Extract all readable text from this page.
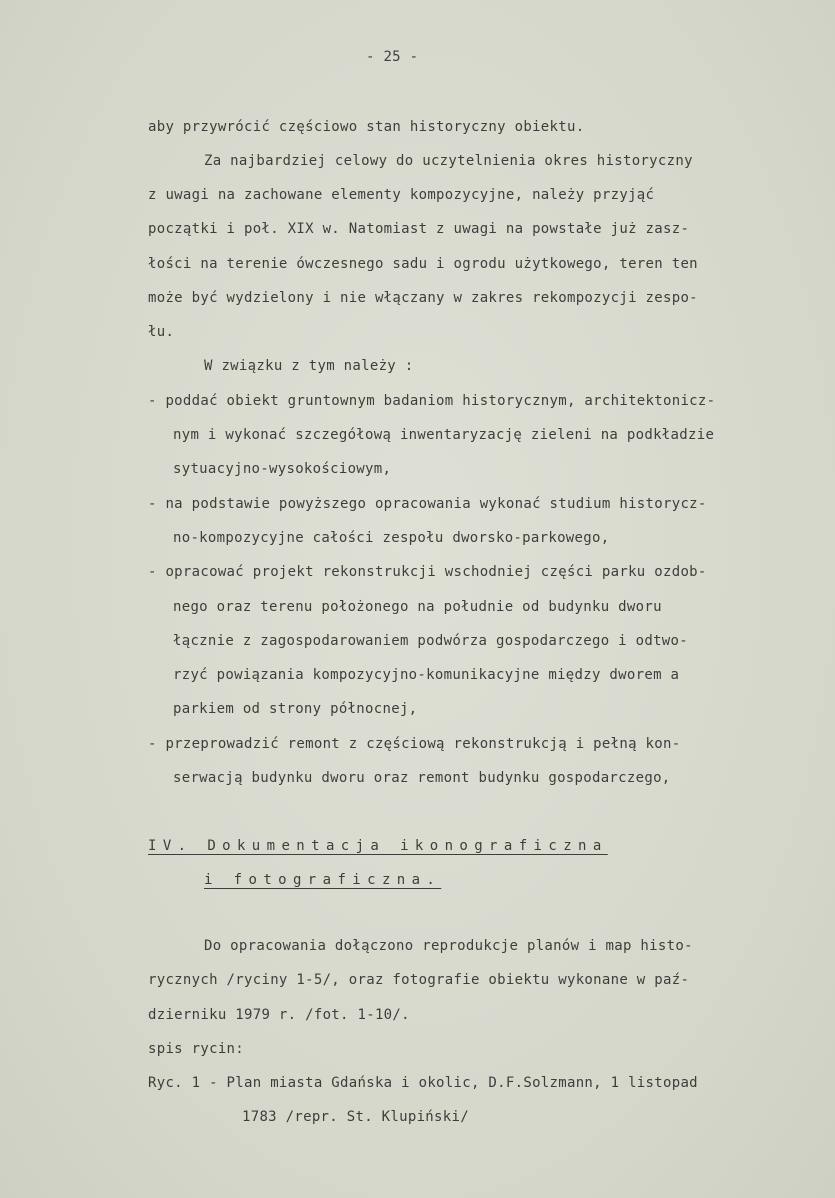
- 25 -
aby przywrócić częściowo stan historyczny obiektu.
Za najbardziej celowy do uczytelnienia okres historyczny
z uwagi na zachowane elementy kompozycyjne, należy przyjąć
początki i poł. XIX w. Natomiast z uwagi na powstałe już zasz-
łości na terenie ówczesnego sadu i ogrodu użytkowego, teren ten
może być wydzielony i nie włączany w zakres rekompozycji zespo-
łu.
W związku z tym należy :
- poddać obiekt gruntownym badaniom historycznym, architektonicz-
nym i wykonać szczegółową inwentaryzację zieleni na podkładzie
sytuacyjno-wysokościowym,
- na podstawie powyższego opracowania wykonać studium historycz-
no-kompozycyjne całości zespołu dworsko-parkowego,
- opracować projekt rekonstrukcji wschodniej części parku ozdob-
nego oraz terenu położonego na południe od budynku dworu
łącznie z zagospodarowaniem podwórza gospodarczego i odtwo-
rzyć powiązania kompozycyjno-komunikacyjne między dworem a
parkiem od strony północnej,
- przeprowadzić remont z częściową rekonstrukcją i pełną kon-
serwacją budynku dworu oraz remont budynku gospodarczego,
IV. Dokumentacja ikonograficzna
i fotograficzna.
Do opracowania dołączono reprodukcje planów i map histo-
rycznych /ryciny 1-5/, oraz fotografie obiektu wykonane w paź-
dzierniku 1979 r. /fot. 1-10/.
spis rycin:
Ryc. 1 - Plan miasta Gdańska i okolic, D.F.Solzmann, 1 listopad
1783 /repr. St. Klupiński/
